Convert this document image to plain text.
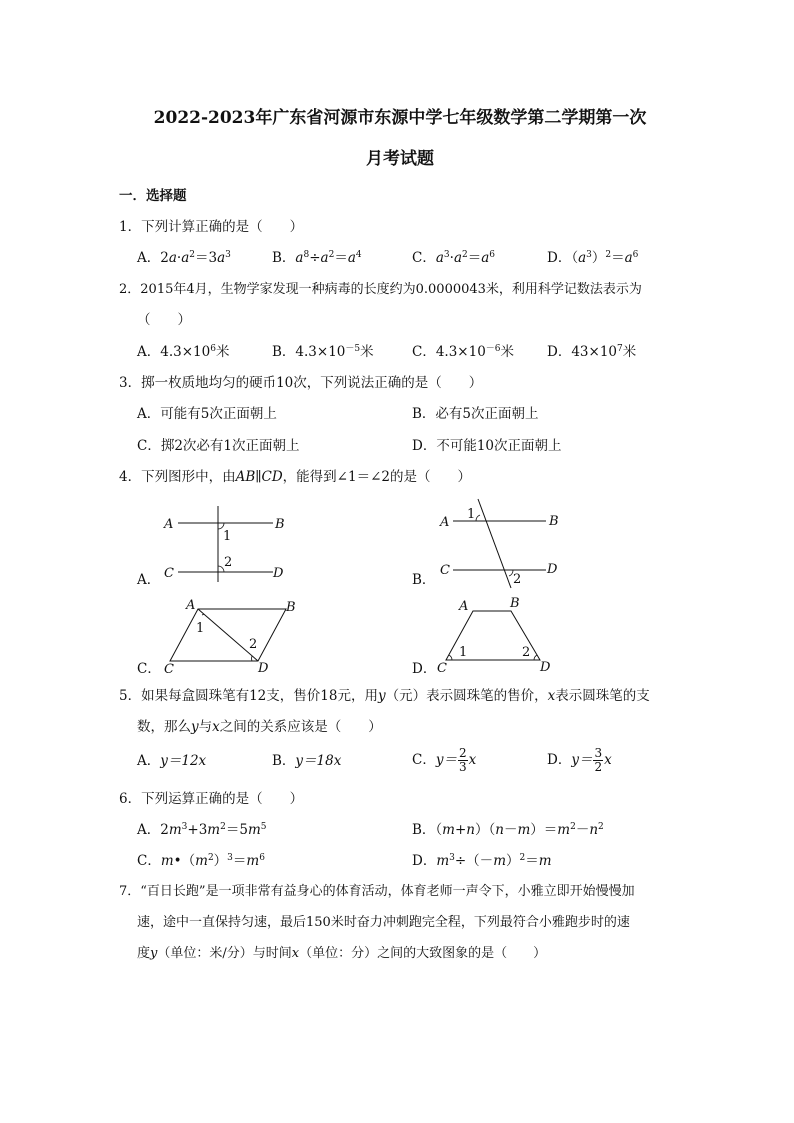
2022-2023年广东省河源市东源中学七年级数学第二学期第一次
月考试题
一．选择题
1．下列计算正确的是（　　）
A．$2a\cdot a^2=3a^3$	B．$a^8\div a^2=a^4$	C．$a^3\cdot a^2=a^6$	D．$(a^3)^2=a^6$
2．2015年4月，生物学家发现一种病毒的长度约为0.0000043米，利用科学记数法表示为
（　　）
A．$4.3\times 10^6$米	B．$4.3\times 10^{-5}$米	C．$4.3\times 10^{-6}$米 D．$43\times 10^7$米
3．掷一枚质地均匀的硬币10次，下列说法正确的是（　　）
A．可能有5次正面朝上	B．必有5次正面朝上
C．掷2次必有1次正面朝上	D．不可能10次正面朝上
4．下列图形中，由AB∥CD，能得到∠1＝∠2的是（　　）
A．
A	B
C	D
1
2
B．
A	B
C	D
1
2
C．
A	B
C	D
1
2
D．
A	B
C	D
1	2
5．如果每盒圆珠笔有12支，售价18元，用y（元）表示圆珠笔的售价，x表示圆珠笔的支
数，那么y与x之间的关系应该是（　　）
A．y＝12x	B．y＝18x	C．$y= \frac{2}{3}$ x	D．$y= \frac{3}{2}$ x
6．下列运算正确的是（　　）
A．$2m^3+3m^2=5m^5$	B．$(m+n)(n-m)=m^2-n^2$
C．$m•(m^2)^3=m^6$	D．$m^3\div(-m)^2=m$
7．“百日长跑”是一项非常有益身心的体育活动，体育老师一声令下，小雅立即开始慢慢加
速，途中一直保持匀速，最后150米时奋力冲刺跑完全程，下列最符合小雅跑步时的速
度y（单位：米/分）与时间x（单位：分）之间的大致图象的是（　　）
